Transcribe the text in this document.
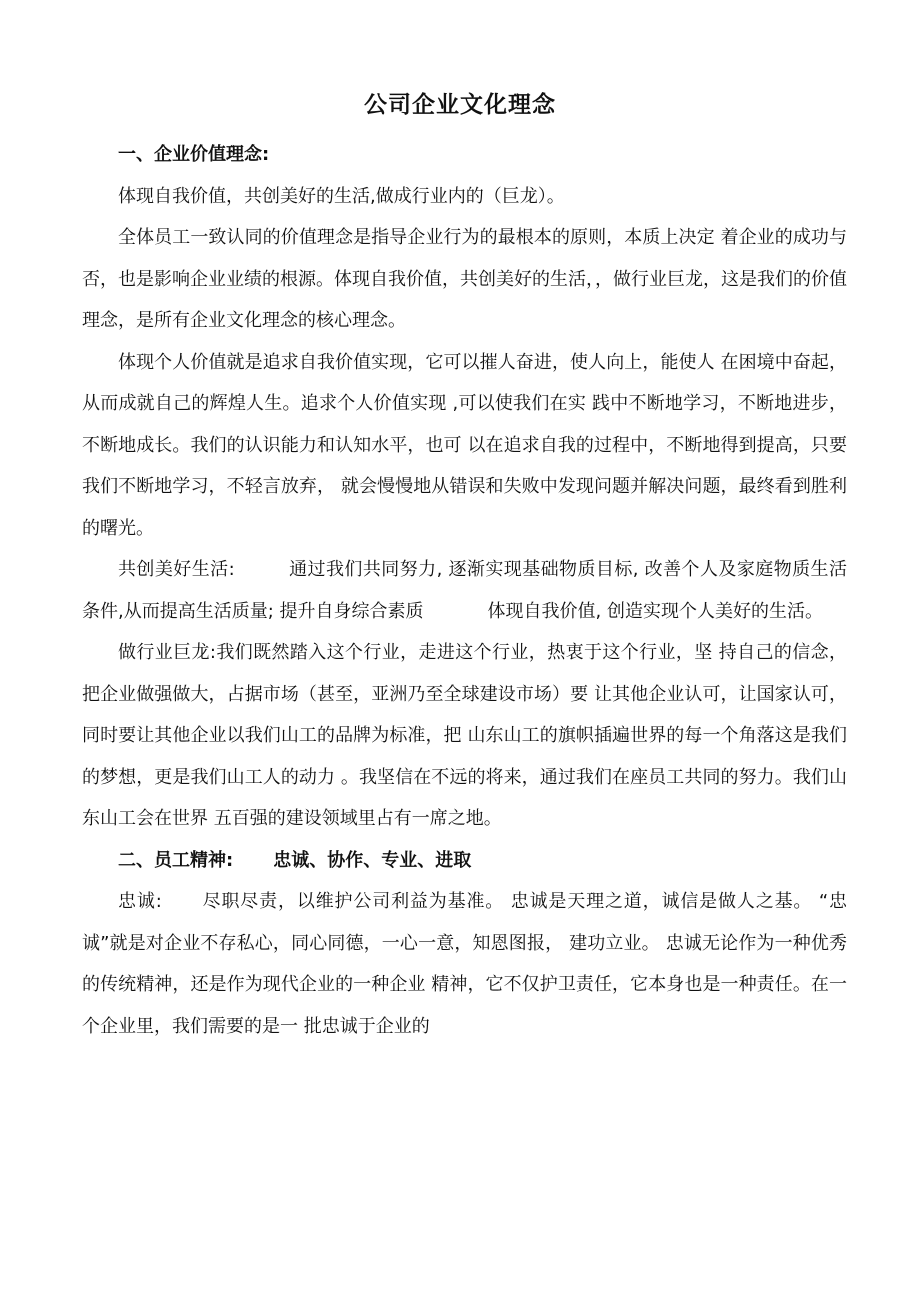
公司企业文化理念

一、企业价值理念:

体现自我价值，共创美好的生活,做成行业内的（巨龙）。

全体员工一致认同的价值理念是指导企业行为的最根本的原则，本质上决定 着企业的成功与否，也是影响企业业绩的根源。体现自我价值，共创美好的生活，，做行业巨龙，这是我们的价值理念，是所有企业文化理念的核心理念。

体现个人价值就是追求自我价值实现，它可以摧人奋进，使人向上，能使人 在困境中奋起，从而成就自己的辉煌人生。追求个人价值实现 ,可以使我们在实 践中不断地学习，不断地进步，不断地成长。我们的认识能力和认知水平，也可 以在追求自我的过程中，不断地得到提高，只要我们不断地学习，不轻言放弃， 就会慢慢地从错误和失败中发现问题并解决问题，最终看到胜利的曙光。

共创美好生活:	通过我们共同努力, 逐渐实现基础物质目标, 改善个人及家庭物质生活条件,从而提高生活质量; 提升自身综合素质	体现自我价值, 创造实现个人美好的生活。

做行业巨龙:我们既然踏入这个行业，走进这个行业，热衷于这个行业，坚 持自己的信念，把企业做强做大，占据市场（甚至，亚洲乃至全球建设市场）要 让其他企业认可，让国家认可，同时要让其他企业以我们山工的品牌为标准，把 山东山工的旗帜插遍世界的每一个角落这是我们的梦想，更是我们山工人的动力 。我坚信在不远的将来，通过我们在座员工共同的努力。我们山东山工会在世界 五百强的建设领域里占有一席之地。

二、员工精神: 忠诚、协作、专业、进取

忠诚: 尽职尽责，以维护公司利益为基准。 忠诚是天理之道，诚信是做人之基。 “忠诚”就是对企业不存私心，同心同德，一心一意，知恩图报， 建功立业。 忠诚无论作为一种优秀的传统精神，还是作为现代企业的一种企业 精神，它不仅护卫责任，它本身也是一种责任。在一个企业里，我们需要的是一 批忠诚于企业的
